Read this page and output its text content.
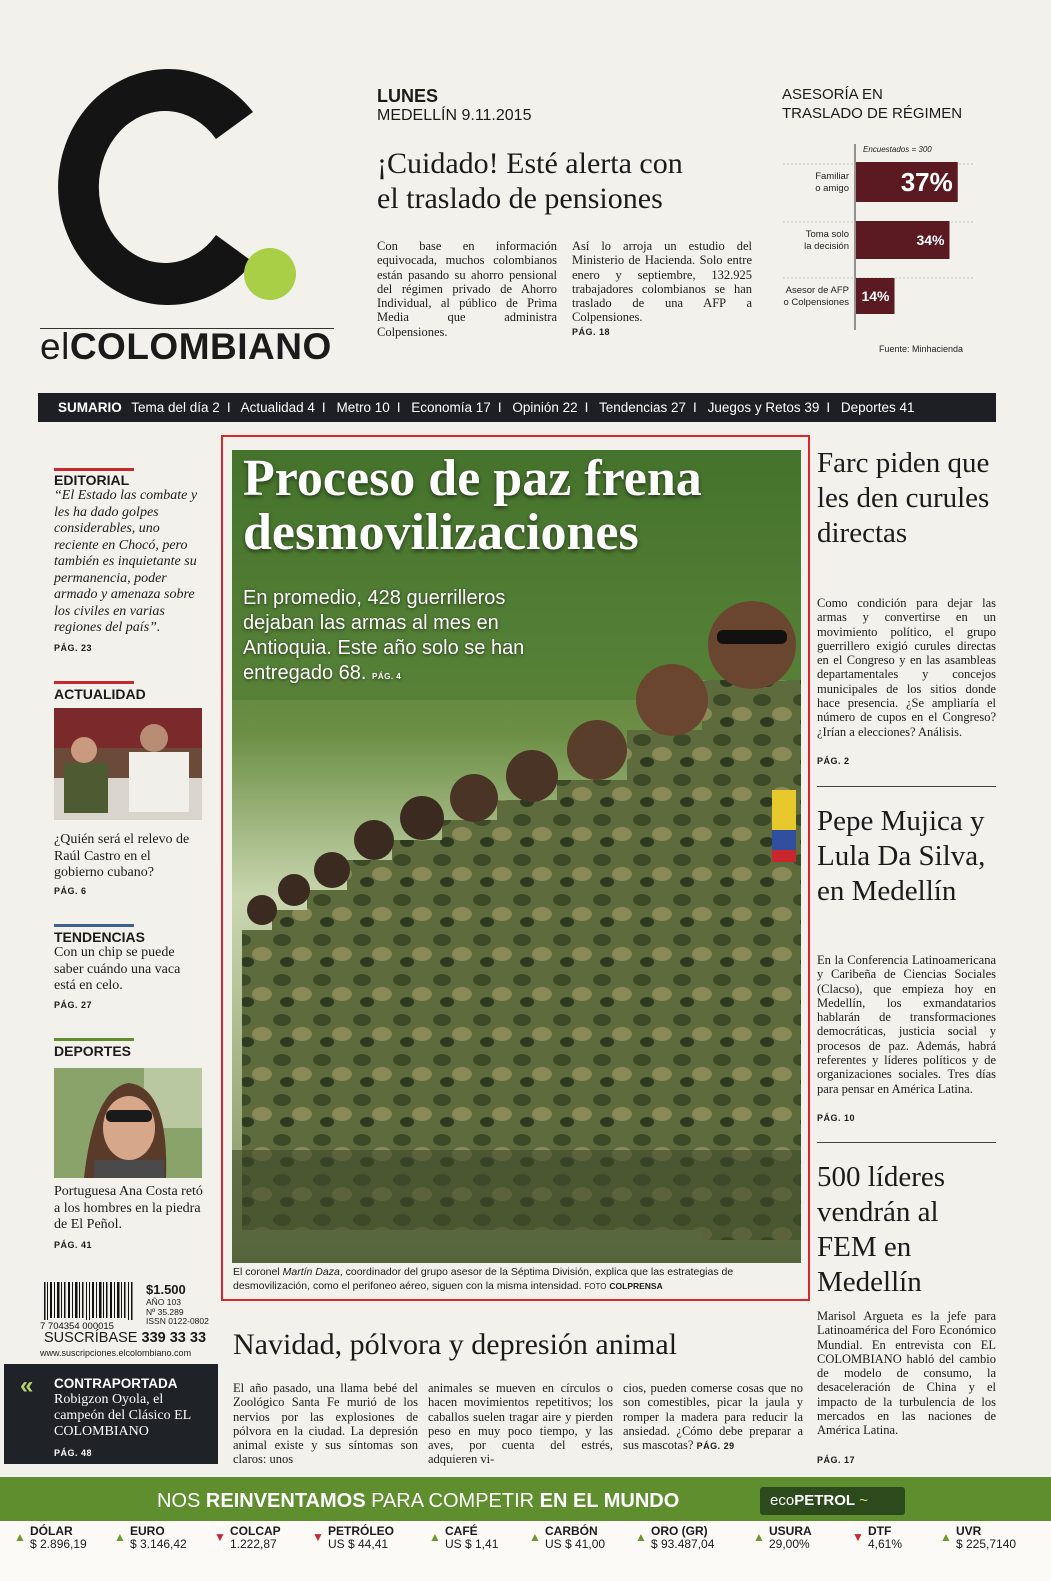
elCOLOMBIANO
LUNES
MEDELLÍN 9.11.2015
¡Cuidado! Esté alerta con
el traslado de pensiones
Con base en información equivocada, muchos colombianos están pasando su ahorro pensional del régimen privado de Ahorro Individual, al público de Prima Media que administra Colpensiones.
Así lo arroja un estudio del Ministerio de Hacienda. Solo entre enero y septiembre, 132.925 trabajadores colombianos se han traslado de una AFP a Colpensiones.
PÁG. 18
ASESORÍA EN
TRASLADO DE RÉGIMEN
Encuestados = 300
37%
Familiar
o amigo
34%
Toma solo
la decisión
14%
Asesor de AFP
o Colpensiones
Fuente: Minhacienda
SUMARIO Tema del día 2 I Actualidad 4 I Metro 10 I Economía 17 I Opinión 22 I Tendencias 27 I Juegos y Retos 39 I Deportes 41
EDITORIAL
“El Estado las combate y les ha dado golpes considerables, uno reciente en Chocó, pero también es inquietante su permanencia, poder armado y amenaza sobre los civiles en varias regiones del país”.
PÁG. 23
ACTUALIDAD
¿Quién será el relevo de Raúl Castro en el gobierno cubano?
PÁG. 6
TENDENCIAS
Con un chip se puede saber cuándo una vaca está en celo.
PÁG. 27
DEPORTES
Portuguesa Ana Costa retó a los hombres en la piedra de El Peñol.
PÁG. 41
7 704354 000015
$1.500
AÑO 103
Nº 35.289
ISSN 0122-0802
SUSCRÍBASE 339 33 33
www.suscripciones.elcolombiano.com
« CONTRAPORTADA
Robigzon Oyola, el campeón del Clásico EL COLOMBIANO
PÁG. 48
Proceso de paz frena
desmovilizaciones
En promedio, 428 guerrilleros dejaban las armas al mes en Antioquia. Este año solo se han entregado 68. PÁG. 4
El coronel Martín Daza, coordinador del grupo asesor de la Séptima División, explica que las estrategias de desmovilización, como el perifoneo aéreo, siguen con la misma intensidad. FOTO COLPRENSA
Farc piden que les den curules directas
Como condición para dejar las armas y convertirse en un movimiento político, el grupo guerrillero exigió curules directas en el Congreso y en las asambleas departamentales y concejos municipales de los sitios donde hace presencia. ¿Se ampliaría el número de cupos en el Congreso? ¿Irían a elecciones? Análisis.
PÁG. 2
Pepe Mujica y Lula Da Silva, en Medellín
En la Conferencia Latinoamericana y Caribeña de Ciencias Sociales (Clacso), que empieza hoy en Medellín, los exmandatarios hablarán de transformaciones democráticas, justicia social y procesos de paz. Además, habrá referentes y líderes políticos y de organizaciones sociales. Tres días para pensar en América Latina.
PÁG. 10
500 líderes vendrán al FEM en Medellín
Marisol Argueta es la jefe para Latinoamérica del Foro Económico Mundial. En entrevista con EL COLOMBIANO habló del cambio de modelo de consumo, la desaceleración de China y el impacto de la turbulencia de los mercados en las naciones de América Latina.
PÁG. 17
Navidad, pólvora y depresión animal
El año pasado, una llama bebé del Zoológico Santa Fe murió de los nervios por las explosiones de pólvora en la ciudad. La depresión animal existe y sus síntomas son claros: unos
animales se mueven en círculos o hacen movimientos repetitivos; los caballos suelen tragar aire y pierden peso en muy poco tiempo, y las aves, por cuenta del estrés, adquieren vi-
cios, pueden comerse cosas que no son comestibles, picar la jaula y romper la madera para reducir la ansiedad. ¿Cómo debe preparar a sus mascotas? PÁG. 29
NOS REINVENTAMOS PARA COMPETIR EN EL MUNDO	ecoPETROL ~
▲ DÓLAR
$ 2.896,19 ▲ EURO
$ 3.146,42 ▼ COLCAP
1.222,87	▼ PETRÓLEO
US $ 44,41	▲ CAFÉ
US $ 1,41	▲ CARBÓN
US $ 41,00 ▲ ORO (GR)
$ 93.487,04	▲ USURA
29,00%	▼ DTF
4,61%	▲ UVR
$ 225,7140
